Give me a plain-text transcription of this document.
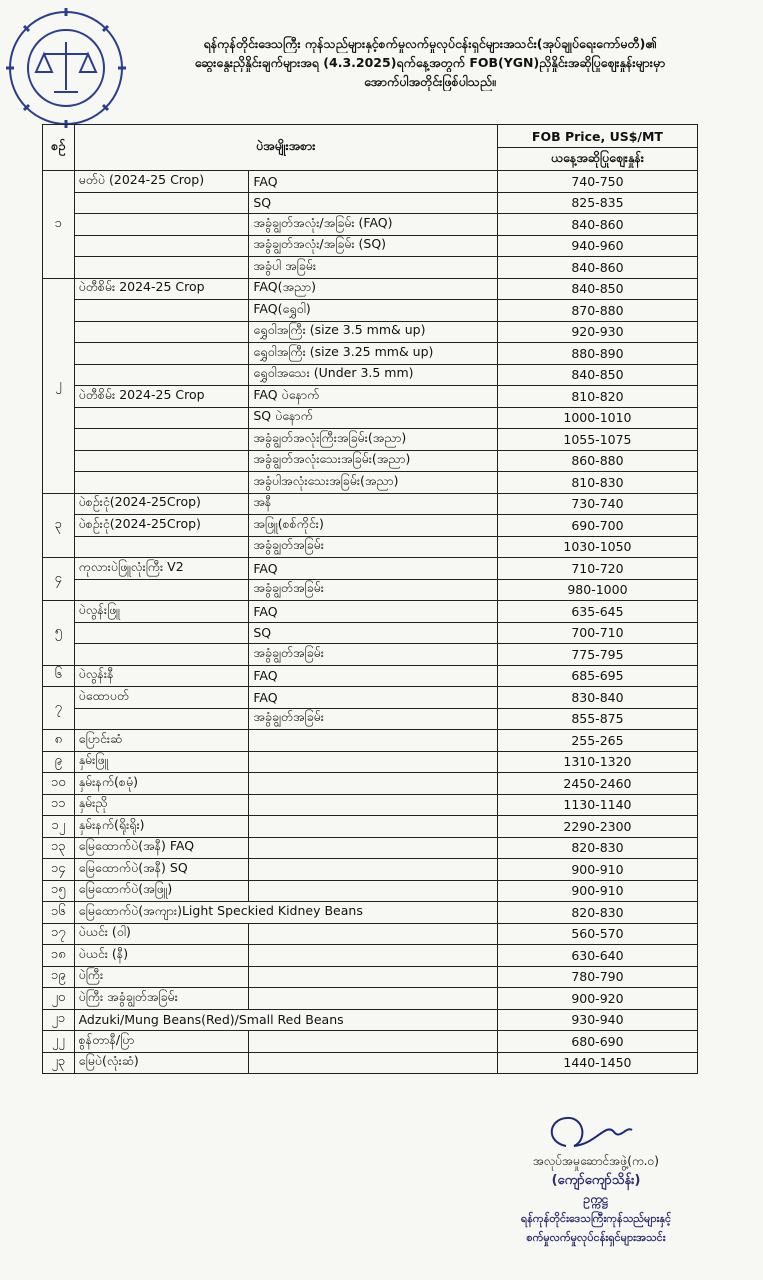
ရန်ကုန်တိုင်းဒေသကြီး ကုန်သည်များနှင့်စက်မှုလက်မှုလုပ်ငန်းရှင်များအသင်း(အုပ်ချုပ်ရေးကော်မတီ)၏
ဆွေးနွေးညှိနှိုင်းချက်များအရ (4.3.2025)ရက်နေ့အတွက် FOB(YGN)ညှိနှိုင်းအဆိုပြုဈေးနှုန်းများမှာ
အောက်ပါအတိုင်းဖြစ်ပါသည်။
စဉ်	ပဲအမျိုးအစား		FOB Price, US$/MT
			ယနေ့အဆိုပြုဈေးနှုန်း
၁	မတ်ပဲ (2024-25 Crop)	FAQ	740-750
		SQ	825-835
		အခွံချွတ်အလုံး/အခြမ်း (FAQ)	840-860
		အခွံချွတ်အလုံး/အခြမ်း (SQ)	940-960
		အခွံပါ အခြမ်း	840-860
၂	ပဲတီစိမ်း 2024-25 Crop	FAQ(အညာ)	840-850
		FAQ(ရွှေဝါ)	870-880
		ရွှေဝါအကြီး (size 3.5 mm& up)	920-930
		ရွှေဝါအကြီး (size 3.25 mm& up)	880-890
		ရွှေဝါအသေး (Under 3.5 mm)	840-850
	ပဲတီစိမ်း 2024-25 Crop	FAQ ပဲနောက်	810-820
		SQ ပဲနောက်	1000-1010
		အခွံချွတ်အလုံးကြီးအခြမ်း(အညာ)	1055-1075
		အခွံချွတ်အလုံးသေးအခြမ်း(အညာ)	860-880
		အခွံပါအလုံးသေးအခြမ်း(အညာ)	810-830
၃	ပဲစဉ်းငုံ(2024-25Crop)	အနီ	730-740
	ပဲစဉ်းငုံ(2024-25Crop)	အဖြူ(စစ်ကိုင်း)	690-700
		အခွံချွတ်အခြမ်း	1030-1050
၄	ကုလားပဲဖြူလုံးကြီး V2	FAQ	710-720
		အခွံချွတ်အခြမ်း	980-1000
၅	ပဲလွန်းဖြူ	FAQ	635-645
		SQ	700-710
		အခွံချွတ်အခြမ်း	775-795
၆	ပဲလွန်းနီ	FAQ	685-695
၇	ပဲထောပတ်	FAQ	830-840
		အခွံချွတ်အခြမ်း	855-875
၈	ပြောင်းဆံ		255-265
၉	နှမ်းဖြူ		1310-1320
၁၀	နှမ်းနက်(စမုံ)		2450-2460
၁၁	နှမ်းညို		1130-1140
၁၂	နှမ်းနက်(ရိုးရိုး)		2290-2300
၁၃	မြေထောက်ပဲ(အနီ) FAQ		820-830
၁၄	မြေထောက်ပဲ(အနီ) SQ		900-910
၁၅	မြေထောက်ပဲ(အဖြူ)		900-910
၁၆	မြေထောက်ပဲ(အကျား)Light Speckied Kidney Beans		820-830
၁၇	ပဲယင်း (ဝါ)		560-570
၁၈	ပဲယင်း (နီ)		630-640
၁၉	ပဲကြီး		780-790
၂၀	ပဲကြီး အခွံချွတ်အခြမ်း		900-920
၂၁	Adzuki/Mung Beans(Red)/Small Red Beans		930-940
၂၂	စွန်တာနီ/ပြာ		680-690
၂၃	မြေပဲ(လုံးဆံ)		1440-1450
အလုပ်အမှုဆောင်အဖွဲ့(က.ဝ)
(ကျော်ကျော်သိန်း)
ဥက္ကဋ္ဌ
ရန်ကုန်တိုင်းဒေသကြီးကုန်သည်များနှင့်
စက်မှုလက်မှုလုပ်ငန်းရှင်များအသင်း
